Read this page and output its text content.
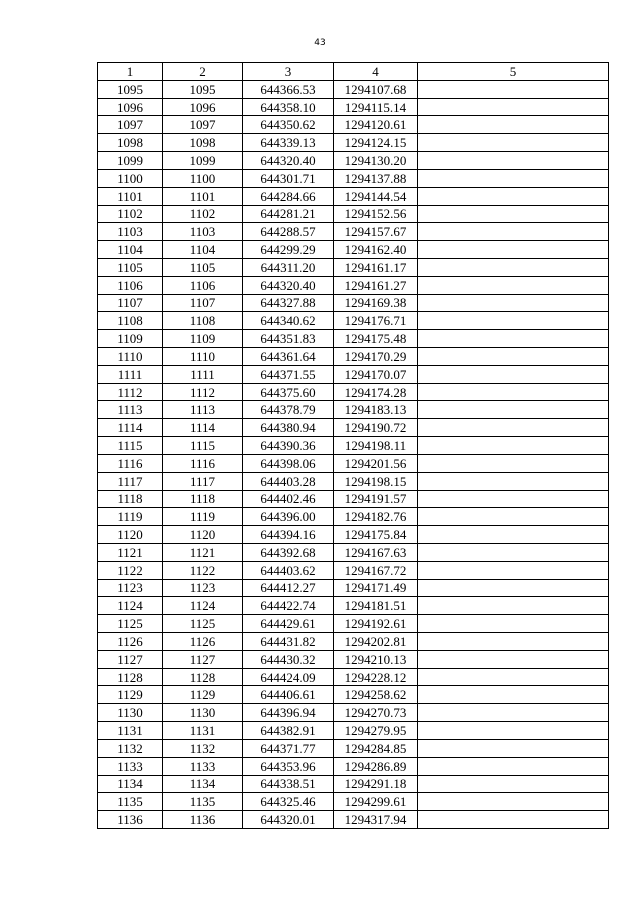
43
1	2	3	4	5
1095	1095	644366.53	1294107.68	
1096	1096	644358.10	1294115.14	
1097	1097	644350.62	1294120.61	
1098	1098	644339.13	1294124.15	
1099	1099	644320.40	1294130.20	
1100	1100	644301.71	1294137.88	
1101	1101	644284.66	1294144.54	
1102	1102	644281.21	1294152.56	
1103	1103	644288.57	1294157.67	
1104	1104	644299.29	1294162.40	
1105	1105	644311.20	1294161.17	
1106	1106	644320.40	1294161.27	
1107	1107	644327.88	1294169.38	
1108	1108	644340.62	1294176.71	
1109	1109	644351.83	1294175.48	
1110	1110	644361.64	1294170.29	
1111	1111	644371.55	1294170.07	
1112	1112	644375.60	1294174.28	
1113	1113	644378.79	1294183.13	
1114	1114	644380.94	1294190.72	
1115	1115	644390.36	1294198.11	
1116	1116	644398.06	1294201.56	
1117	1117	644403.28	1294198.15	
1118	1118	644402.46	1294191.57	
1119	1119	644396.00	1294182.76	
1120	1120	644394.16	1294175.84	
1121	1121	644392.68	1294167.63	
1122	1122	644403.62	1294167.72	
1123	1123	644412.27	1294171.49	
1124	1124	644422.74	1294181.51	
1125	1125	644429.61	1294192.61	
1126	1126	644431.82	1294202.81	
1127	1127	644430.32	1294210.13	
1128	1128	644424.09	1294228.12	
1129	1129	644406.61	1294258.62	
1130	1130	644396.94	1294270.73	
1131	1131	644382.91	1294279.95	
1132	1132	644371.77	1294284.85	
1133	1133	644353.96	1294286.89	
1134	1134	644338.51	1294291.18	
1135	1135	644325.46	1294299.61	
1136	1136	644320.01	1294317.94	
